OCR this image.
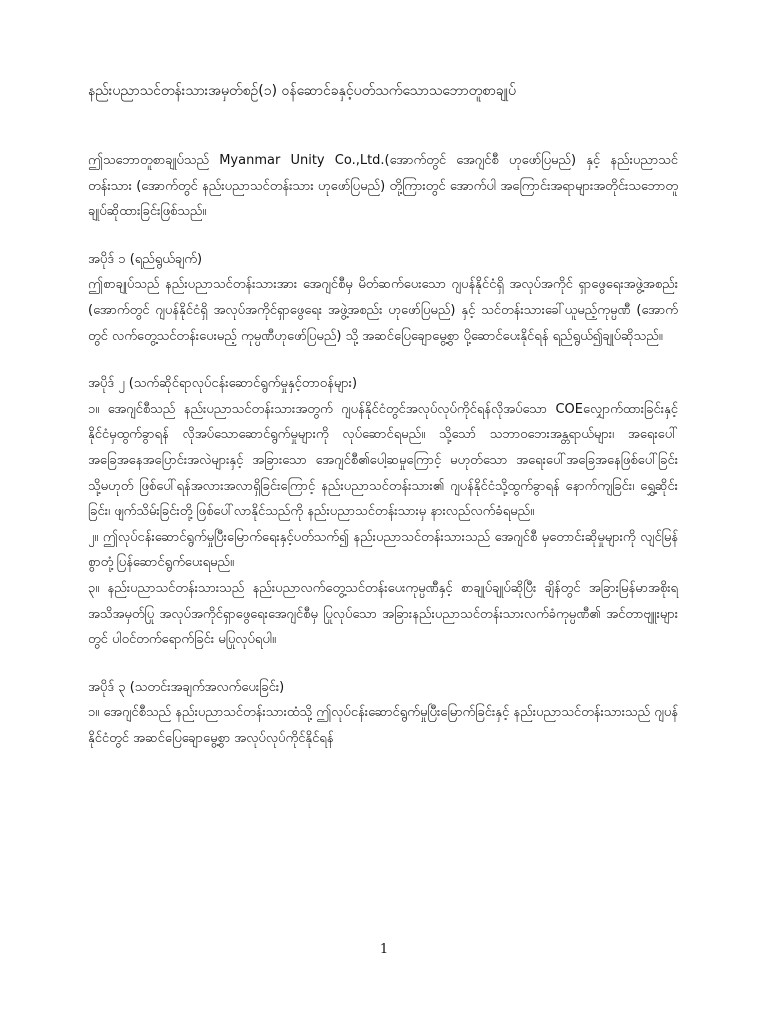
နည်းပညာသင်တန်းသားအမှတ်စဉ်(၁) ဝန်ဆောင်ခနှင့်ပတ်သက်သောသဘောတူစာချုပ်

ဤသဘောတူစာချုပ်သည် Myanmar Unity Co.,Ltd.(အောက်တွင် အေဂျင်စီ ဟုဖော်ပြမည်) နှင့် နည်းပညာသင်တန်းသား (အောက်တွင် နည်းပညာသင်တန်းသား ဟုဖော်ပြမည်) တို့ကြားတွင် အောက်ပါ အကြောင်းအရာများအတိုင်းသဘောတူချုပ်ဆိုထားခြင်းဖြစ်သည်။

အပိုဒ် ၁ (ရည်ရွယ်ချက်)

ဤစာချုပ်သည် နည်းပညာသင်တန်းသားအား အေဂျင်စီမှ မိတ်ဆက်ပေးသော ဂျပန်နိုင်ငံရှိ အလုပ်အကိုင် ရှာဖွေရေးအဖွဲ့အစည်း (အောက်တွင် ဂျပန်နိုင်ငံရှိ အလုပ်အကိုင်ရှာဖွေရေး အဖွဲ့အစည်း ဟုဖော်ပြမည်) နှင့် သင်တန်းသားခေါ်ယူမည့်ကုမ္ပဏီ (အောက်တွင် လက်တွေ့သင်တန်းပေးမည့် ကုမ္ပဏီဟုဖော်ပြမည်) သို့ အဆင်ပြေချောမွေ့စွာ ပို့ဆောင်ပေးနိုင်ရန် ရည်ရွယ်၍ချုပ်ဆိုသည်။

အပိုဒ် ၂ (သက်ဆိုင်ရာလုပ်ငန်းဆောင်ရွက်မှုနှင့်တာဝန်များ)

၁။ အေဂျင်စီသည် နည်းပညာသင်တန်းသားအတွက် ဂျပန်နိုင်ငံတွင်အလုပ်လုပ်ကိုင်ရန်လိုအပ်သော COEလျှောက်ထားခြင်းနှင့် နိုင်ငံမှထွက်ခွာရန် လိုအပ်သောဆောင်ရွက်မှုများကို လုပ်ဆောင်ရမည်။ သို့သော် သဘာဝဘေးအန္တရာယ်များ၊ အရေးပေါ်အခြေအနေအပြောင်းအလဲများနှင့် အခြားသော အေဂျင်စီ၏ပေါ့ဆမှုကြောင့် မဟုတ်သော အရေးပေါ်အခြေအနေဖြစ်ပေါ်ခြင်း သို့မဟုတ် ဖြစ်ပေါ်ရန်အလားအလာရှိခြင်းကြောင့် နည်းပညာသင်တန်းသား၏ ဂျပန်နိုင်ငံသို့ထွက်ခွာရန် နောက်ကျခြင်း၊ ရွှေ့ဆိုင်းခြင်း၊ ဖျက်သိမ်းခြင်းတို့ ဖြစ်ပေါ်လာနိုင်သည်ကို နည်းပညာသင်တန်းသားမှ နားလည်လက်ခံရမည်။

၂။ ဤလုပ်ငန်းဆောင်ရွက်မှုပြီးမြောက်ရေးနှင့်ပတ်သက်၍ နည်းပညာသင်တန်းသားသည် အေဂျင်စီ မှတောင်းဆိုမှုများကို လျင်မြန်စွာတုံ့ပြန်ဆောင်ရွက်ပေးရမည်။

၃။ နည်းပညာသင်တန်းသားသည် နည်းပညာလက်တွေ့သင်တန်းပေးကုမ္ပဏီနှင့် စာချုပ်ချုပ်ဆိုပြီး ချိန်တွင် အခြားမြန်မာအစိုးရအသိအမှတ်ပြု အလုပ်အကိုင်ရှာဖွေရေးအေဂျင်စီမှ ပြုလုပ်သော အခြားနည်းပညာသင်တန်းသားလက်ခံကုမ္ပဏီ၏ အင်တာဗျူးများတွင် ပါဝင်တက်ရောက်ခြင်း မပြုလုပ်ရပါ။

အပိုဒ် ၃ (သတင်းအချက်အလက်ပေးခြင်း)

၁။ အေဂျင်စီသည် နည်းပညာသင်တန်းသားထံသို့ ဤလုပ်ငန်းဆောင်ရွက်မှုပြီးမြောက်ခြင်းနှင့် နည်းပညာသင်တန်းသားသည် ဂျပန်နိုင်ငံတွင် အဆင်ပြေချောမွေ့စွာ အလုပ်လုပ်ကိုင်နိုင်ရန်

1
